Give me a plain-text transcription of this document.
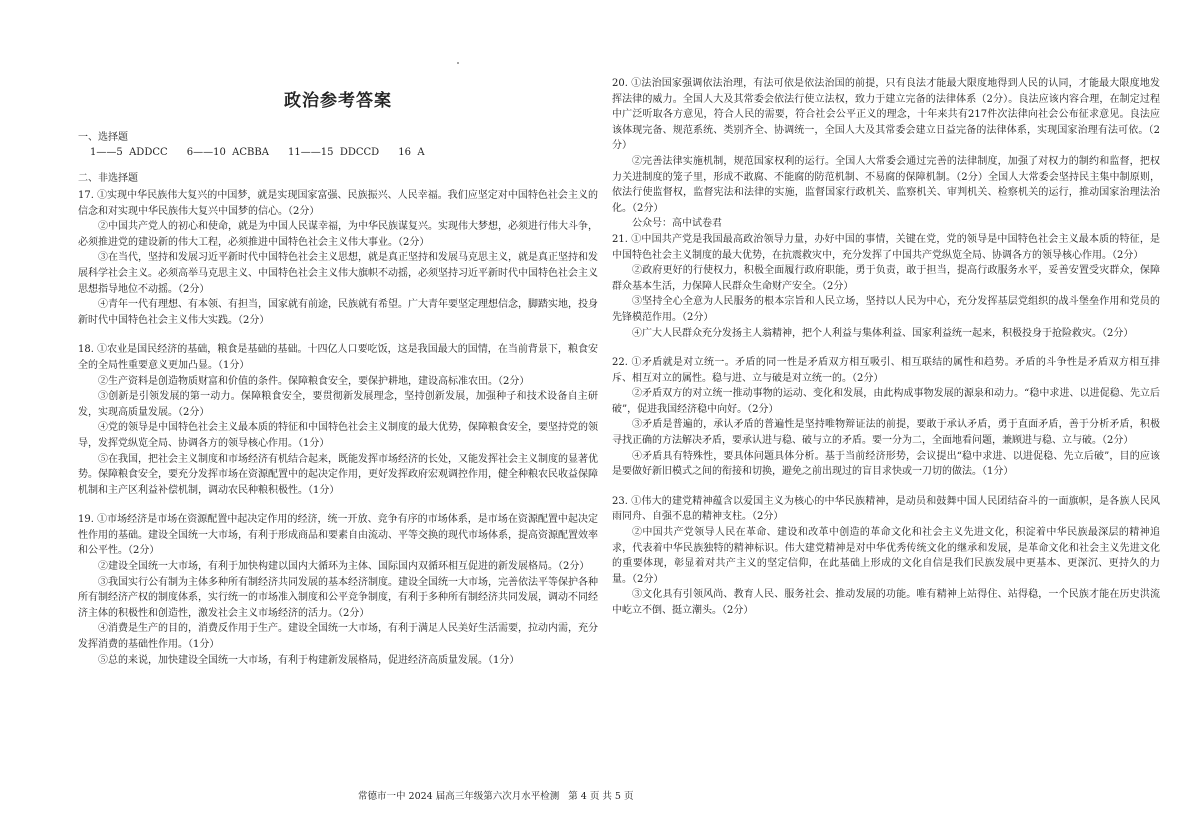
政治参考答案
一、选择题
1——5  ADDCC      6——10  ACBBA      11——15  DDCCD      16  A
二、非选择题

17. ①实现中华民族伟大复兴的中国梦，就是实现国家富强、民族振兴、人民幸福。我们应坚定对中国特色社会主义的信念和对实现中华民族伟大复兴中国梦的信心。（2分）

②中国共产党人的初心和使命，就是为中国人民谋幸福，为中华民族谋复兴。实现伟大梦想，必须进行伟大斗争，必须推进党的建设新的伟大工程，必须推进中国特色社会主义伟大事业。（2分）

③在当代，坚持和发展习近平新时代中国特色社会主义思想，就是真正坚持和发展马克思主义，就是真正坚持和发展科学社会主义。必须高举马克思主义、中国特色社会主义伟大旗帜不动摇，必须坚持习近平新时代中国特色社会主义思想指导地位不动摇。（2分）

④青年一代有理想、有本领、有担当，国家就有前途，民族就有希望。广大青年要坚定理想信念，脚踏实地，投身新时代中国特色社会主义伟大实践。（2分）

18. ①农业是国民经济的基础，粮食是基础的基础。十四亿人口要吃饭，这是我国最大的国情，在当前背景下，粮食安全的全局性重要意义更加凸显。（1分）

②生产资料是创造物质财富和价值的条件。保障粮食安全，要保护耕地，建设高标准农田。（2分）

③创新是引领发展的第一动力。保障粮食安全，要贯彻新发展理念，坚持创新发展，加强种子和技术设备自主研发，实现高质量发展。（2分）

④党的领导是中国特色社会主义最本质的特征和中国特色社会主义制度的最大优势，保障粮食安全，要坚持党的领导，发挥党纵览全局、协调各方的领导核心作用。（1分）

⑤在我国，把社会主义制度和市场经济有机结合起来，既能发挥市场经济的长处，又能发挥社会主义制度的显著优势。保障粮食安全，要充分发挥市场在资源配置中的起决定作用，更好发挥政府宏观调控作用，健全种粮农民收益保障机制和主产区利益补偿机制，调动农民种粮积极性。（1分）

19. ①市场经济是市场在资源配置中起决定作用的经济，统一开放、竞争有序的市场体系，是市场在资源配置中起决定性作用的基础。建设全国统一大市场，有利于形成商品和要素自由流动、平等交换的现代市场体系，提高资源配置效率和公平性。（2分）

②建设全国统一大市场，有利于加快构建以国内大循环为主体、国际国内双循环相互促进的新发展格局。（2分）

③我国实行公有制为主体多种所有制经济共同发展的基本经济制度。建设全国统一大市场，完善依法平等保护各种所有制经济产权的制度体系，实行统一的市场准入制度和公平竞争制度，有利于多种所有制经济共同发展，调动不同经济主体的积极性和创造性，激发社会主义市场经济的活力。（2分）

④消费是生产的目的，消费反作用于生产。建设全国统一大市场，有利于满足人民美好生活需要，拉动内需，充分发挥消费的基础性作用。（1分）

⑤总的来说，加快建设全国统一大市场，有利于构建新发展格局，促进经济高质量发展。（1分）

20. ①法治国家强调依法治理，有法可依是依法治国的前提，只有良法才能最大限度地得到人民的认同，才能最大限度地发挥法律的威力。全国人大及其常委会依法行使立法权，致力于建立完备的法律体系（2分）。良法应该内容合理，在制定过程中广泛听取各方意见，符合人民的需要，符合社会公平正义的理念，十年来共有217件次法律向社会公布征求意见。良法应该体现完备、规范系统、类别齐全、协调统一，全国人大及其常委会建立日益完备的法律体系，实现国家治理有法可依。（2分）

②完善法律实施机制，规范国家权利的运行。全国人大常委会通过完善的法律制度，加强了对权力的制约和监督，把权力关进制度的笼子里，形成不敢腐、不能腐的防范机制、不易腐的保障机制。（2分）全国人大常委会坚持民主集中制原则，依法行使监督权，监督宪法和法律的实施，监督国家行政机关、监察机关、审判机关、检察机关的运行，推动国家治理法治化。（2分）

公众号：高中试卷君

21. ①中国共产党是我国最高政治领导力量，办好中国的事情，关键在党，党的领导是中国特色社会主义最本质的特征，是中国特色社会主义制度的最大优势，在抗震救灾中，充分发挥了中国共产党纵览全局、协调各方的领导核心作用。（2分）

②政府更好的行使权力，积极全面履行政府职能，勇于负责，敢于担当，提高行政服务水平，妥善安置受灾群众，保障群众基本生活，力保障人民群众生命财产安全。（2分）

③坚持全心全意为人民服务的根本宗旨和人民立场，坚持以人民为中心，充分发挥基层党组织的战斗堡垒作用和党员的先锋模范作用。（2分）

④广大人民群众充分发扬主人翁精神，把个人利益与集体利益、国家利益统一起来，积极投身于抢险救灾。（2分）

22. ①矛盾就是对立统一。矛盾的同一性是矛盾双方相互吸引、相互联结的属性和趋势。矛盾的斗争性是矛盾双方相互排斥、相互对立的属性。稳与进、立与破是对立统一的。（2分）

②矛盾双方的对立统一推动事物的运动、变化和发展，由此构成事物发展的源泉和动力。“稳中求进、以进促稳、先立后破”，促进我国经济稳中向好。（2分）

③矛盾是普遍的，承认矛盾的普遍性是坚持唯物辩证法的前提，要敢于承认矛盾，勇于直面矛盾，善于分析矛盾，积极寻找正确的方法解决矛盾，要承认进与稳、破与立的矛盾。要一分为二，全面地看问题，兼顾进与稳、立与破。（2分）

④矛盾具有特殊性，要具体问题具体分析。基于当前经济形势，会议提出“稳中求进、以进促稳、先立后破”，目的应该是要做好新旧模式之间的衔接和切换，避免之前出现过的盲目求快或一刀切的做法。（1分）

23. ①伟大的建党精神蕴含以爱国主义为核心的中华民族精神，是动员和鼓舞中国人民团结奋斗的一面旗帜，是各族人民风雨同舟、自强不息的精神支柱。（2分）

②中国共产党领导人民在革命、建设和改革中创造的革命文化和社会主义先进文化，积淀着中华民族最深层的精神追求，代表着中华民族独特的精神标识。伟大建党精神是对中华优秀传统文化的继承和发展，是革命文化和社会主义先进文化的重要体现，彰显着对共产主义的坚定信仰，在此基础上形成的文化自信是我们民族发展中更基本、更深沉、更持久的力量。（2分）

③文化具有引领风尚、教育人民、服务社会、推动发展的功能。唯有精神上站得住、站得稳，一个民族才能在历史洪流中屹立不倒、挺立潮头。（2分）

常德市一中 2024 届高三年级第六次月水平检测 第 4 页 共 5 页
